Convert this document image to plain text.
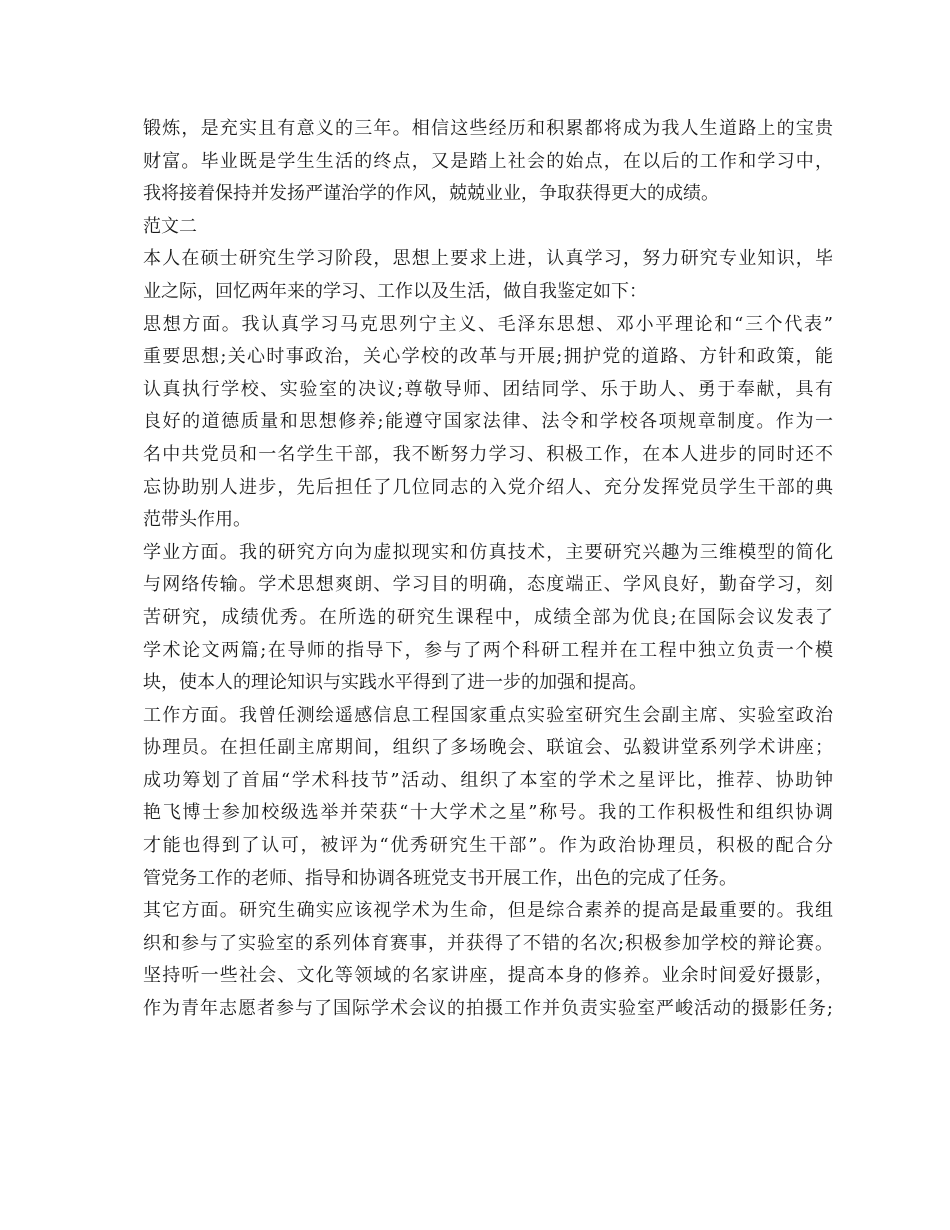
锻炼，是充实且有意义的三年。相信这些经历和积累都将成为我人生道路上的宝贵
财富。毕业既是学生生活的终点，又是踏上社会的始点，在以后的工作和学习中，
我将接着保持并发扬严谨治学的作风，兢兢业业，争取获得更大的成绩。
范文二
本人在硕士研究生学习阶段，思想上要求上进，认真学习，努力研究专业知识，毕
业之际，回忆两年来的学习、工作以及生活，做自我鉴定如下：
思想方面。我认真学习马克思列宁主义、毛泽东思想、邓小平理论和“三个代表”
重要思想;关心时事政治，关心学校的改革与开展;拥护党的道路、方针和政策，能
认真执行学校、实验室的决议;尊敬导师、团结同学、乐于助人、勇于奉献，具有
良好的道德质量和思想修养;能遵守国家法律、法令和学校各项规章制度。作为一
名中共党员和一名学生干部，我不断努力学习、积极工作，在本人进步的同时还不
忘协助别人进步，先后担任了几位同志的入党介绍人、充分发挥党员学生干部的典
范带头作用。
学业方面。我的研究方向为虚拟现实和仿真技术，主要研究兴趣为三维模型的简化
与网络传输。学术思想爽朗、学习目的明确，态度端正、学风良好，勤奋学习，刻
苦研究，成绩优秀。在所选的研究生课程中，成绩全部为优良;在国际会议发表了
学术论文两篇;在导师的指导下，参与了两个科研工程并在工程中独立负责一个模
块，使本人的理论知识与实践水平得到了进一步的加强和提高。
工作方面。我曾任测绘遥感信息工程国家重点实验室研究生会副主席、实验室政治
协理员。在担任副主席期间，组织了多场晚会、联谊会、弘毅讲堂系列学术讲座；
成功筹划了首届“学术科技节”活动、组织了本室的学术之星评比，推荐、协助钟
艳飞博士参加校级选举并荣获“十大学术之星”称号。我的工作积极性和组织协调
才能也得到了认可，被评为“优秀研究生干部”。作为政治协理员，积极的配合分
管党务工作的老师、指导和协调各班党支书开展工作，出色的完成了任务。
其它方面。研究生确实应该视学术为生命，但是综合素养的提高是最重要的。我组
织和参与了实验室的系列体育赛事，并获得了不错的名次;积极参加学校的辩论赛。
坚持听一些社会、文化等领域的名家讲座，提高本身的修养。业余时间爱好摄影，
作为青年志愿者参与了国际学术会议的拍摄工作并负责实验室严峻活动的摄影任务;
